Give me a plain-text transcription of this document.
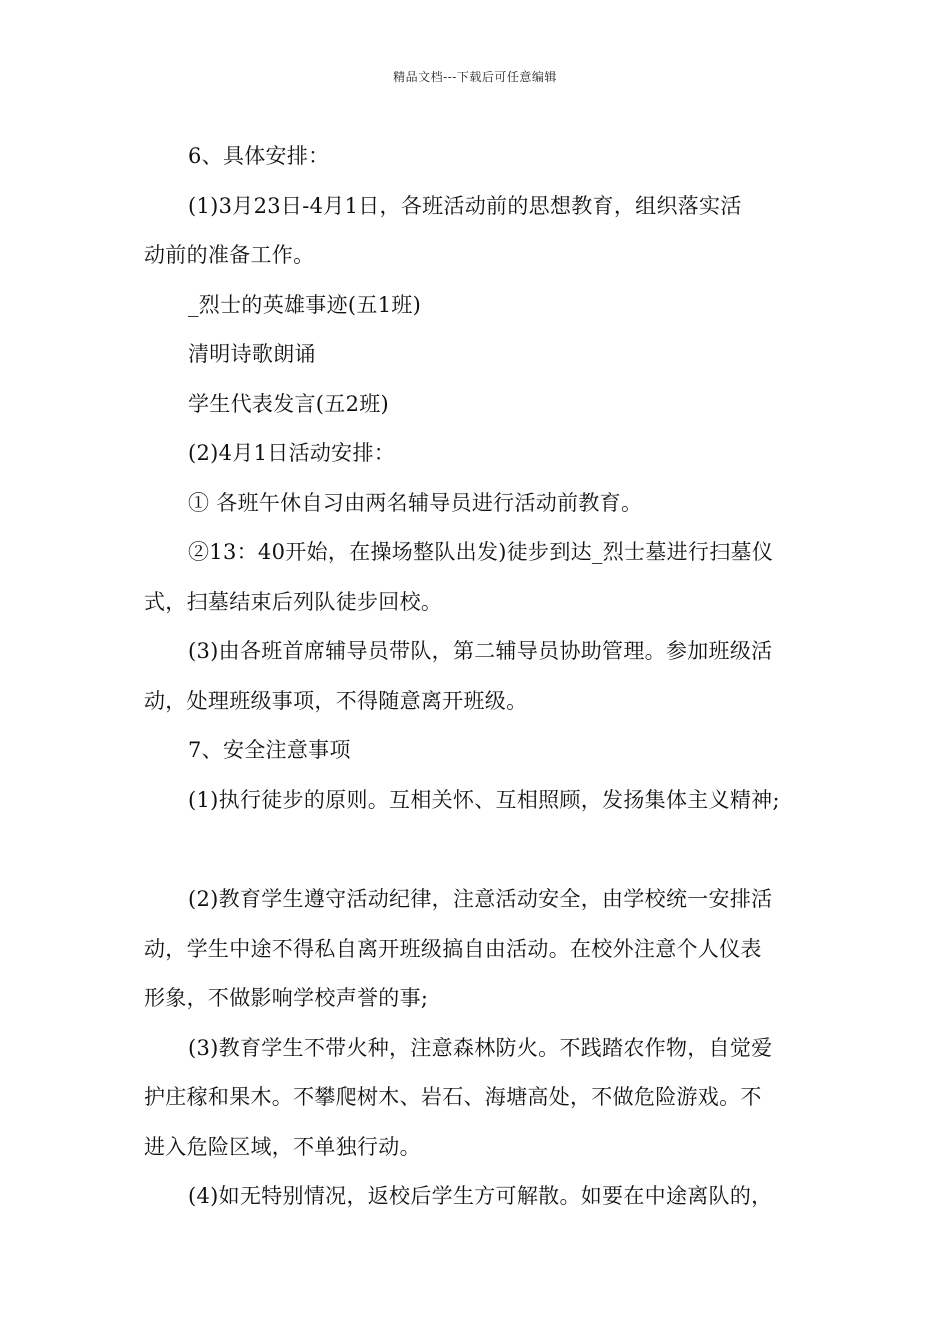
精品文档---下载后可任意编辑
6、具体安排：
(1)3月23日-4月1日，各班活动前的思想教育，组织落实活
动前的准备工作。
_烈士的英雄事迹(五1班)
清明诗歌朗诵
学生代表发言(五2班)
(2)4月1日活动安排：
① 各班午休自习由两名辅导员进行活动前教育。
②13：40开始，在操场整队出发)徒步到达_烈士墓进行扫墓仪
式，扫墓结束后列队徒步回校。
(3)由各班首席辅导员带队，第二辅导员协助管理。参加班级活
动，处理班级事项，不得随意离开班级。
7、安全注意事项
(1)执行徒步的原则。互相关怀、互相照顾，发扬集体主义精神;
(2)教育学生遵守活动纪律，注意活动安全，由学校统一安排活
动，学生中途不得私自离开班级搞自由活动。在校外注意个人仪表
形象，不做影响学校声誉的事;
(3)教育学生不带火种，注意森林防火。不践踏农作物，自觉爱
护庄稼和果木。不攀爬树木、岩石、海塘高处，不做危险游戏。不
进入危险区域，不单独行动。
(4)如无特别情况，返校后学生方可解散。如要在中途离队的，
